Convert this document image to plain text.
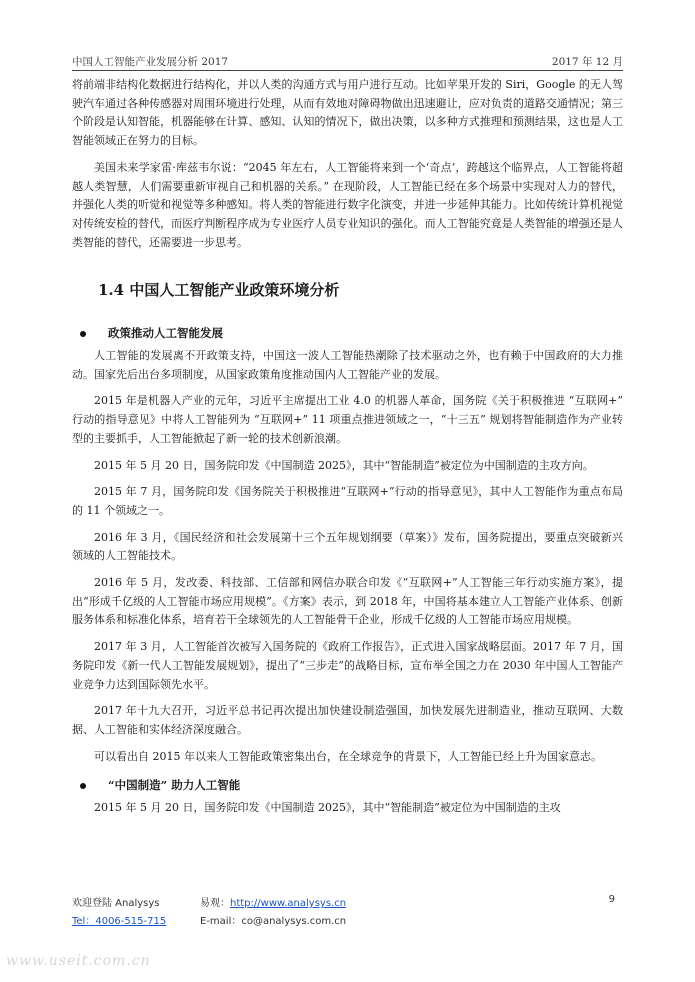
中国人工智能产业发展分析 2017	2017 年 12 月

将前端非结构化数据进行结构化，并以人类的沟通方式与用户进行互动。比如苹果开发的 Siri，Google 的无人驾驶汽车通过各种传感器对周围环境进行处理，从而有效地对障碍物做出迅速避让，应对负责的道路交通情况；第三个阶段是认知智能，机器能够在计算、感知、认知的情况下，做出决策，以多种方式推理和预测结果，这也是人工智能领域正在努力的目标。

美国未来学家雷·库兹韦尔说：“2045 年左右，人工智能将来到一个‘奇点’，跨越这个临界点，人工智能将超越人类智慧，人们需要重新审视自己和机器的关系。” 在现阶段，人工智能已经在多个场景中实现对人力的替代，并强化人类的听觉和视觉等多种感知。将人类的智能进行数字化演变，并进一步延伸其能力。比如传统计算机视觉对传统安检的替代，而医疗判断程序成为专业医疗人员专业知识的强化。而人工智能究竟是人类智能的增强还是人类智能的替代，还需要进一步思考。

1.4 中国人工智能产业政策环境分析
政策推动人工智能发展

人工智能的发展离不开政策支持，中国这一波人工智能热潮除了技术驱动之外，也有赖于中国政府的大力推动。国家先后出台多项制度，从国家政策角度推动国内人工智能产业的发展。

2015 年是机器人产业的元年，习近平主席提出工业 4.0 的机器人革命，国务院《关于积极推进 “互联网+” 行动的指导意见》中将人工智能列为 “互联网+” 11 项重点推进领域之一，“十三五” 规划将智能制造作为产业转型的主要抓手，人工智能掀起了新一轮的技术创新浪潮。

2015 年 5 月 20 日，国务院印发《中国制造 2025》，其中“智能制造”被定位为中国制造的主攻方向。

2015 年 7 月，国务院印发《国务院关于积极推进“互联网+”行动的指导意见》，其中人工智能作为重点布局的 11 个领域之一。

2016 年 3 月，《国民经济和社会发展第十三个五年规划纲要（草案）》发布，国务院提出，要重点突破新兴领域的人工智能技术。

2016 年 5 月，发改委、科技部、工信部和网信办联合印发《“互联网+”人工智能三年行动实施方案》，提出“形成千亿级的人工智能市场应用规模”。《方案》表示，到 2018 年，中国将基本建立人工智能产业体系、创新服务体系和标准化体系，培育若干全球领先的人工智能骨干企业，形成千亿级的人工智能市场应用规模。

2017 年 3 月，人工智能首次被写入国务院的《政府工作报告》，正式进入国家战略层面。2017 年 7 月，国务院印发《新一代人工智能发展规划》，提出了“三步走”的战略目标，宣布举全国之力在 2030 年中国人工智能产业竞争力达到国际领先水平。

2017 年十九大召开，习近平总书记再次提出加快建设制造强国，加快发展先进制造业，推动互联网、大数据、人工智能和实体经济深度融合。

可以看出自 2015 年以来人工智能政策密集出台，在全球竞争的背景下，人工智能已经上升为国家意志。

“中国制造” 助力人工智能

2015 年 5 月 20 日，国务院印发《中国制造 2025》，其中“智能制造”被定位为中国制造的主攻

欢迎登陆 Analysys	易观：http://www.analysys.cn
Tel：4006-515-715	E-mail：co@analysys.com.cn
9
www.useit.com.cn
